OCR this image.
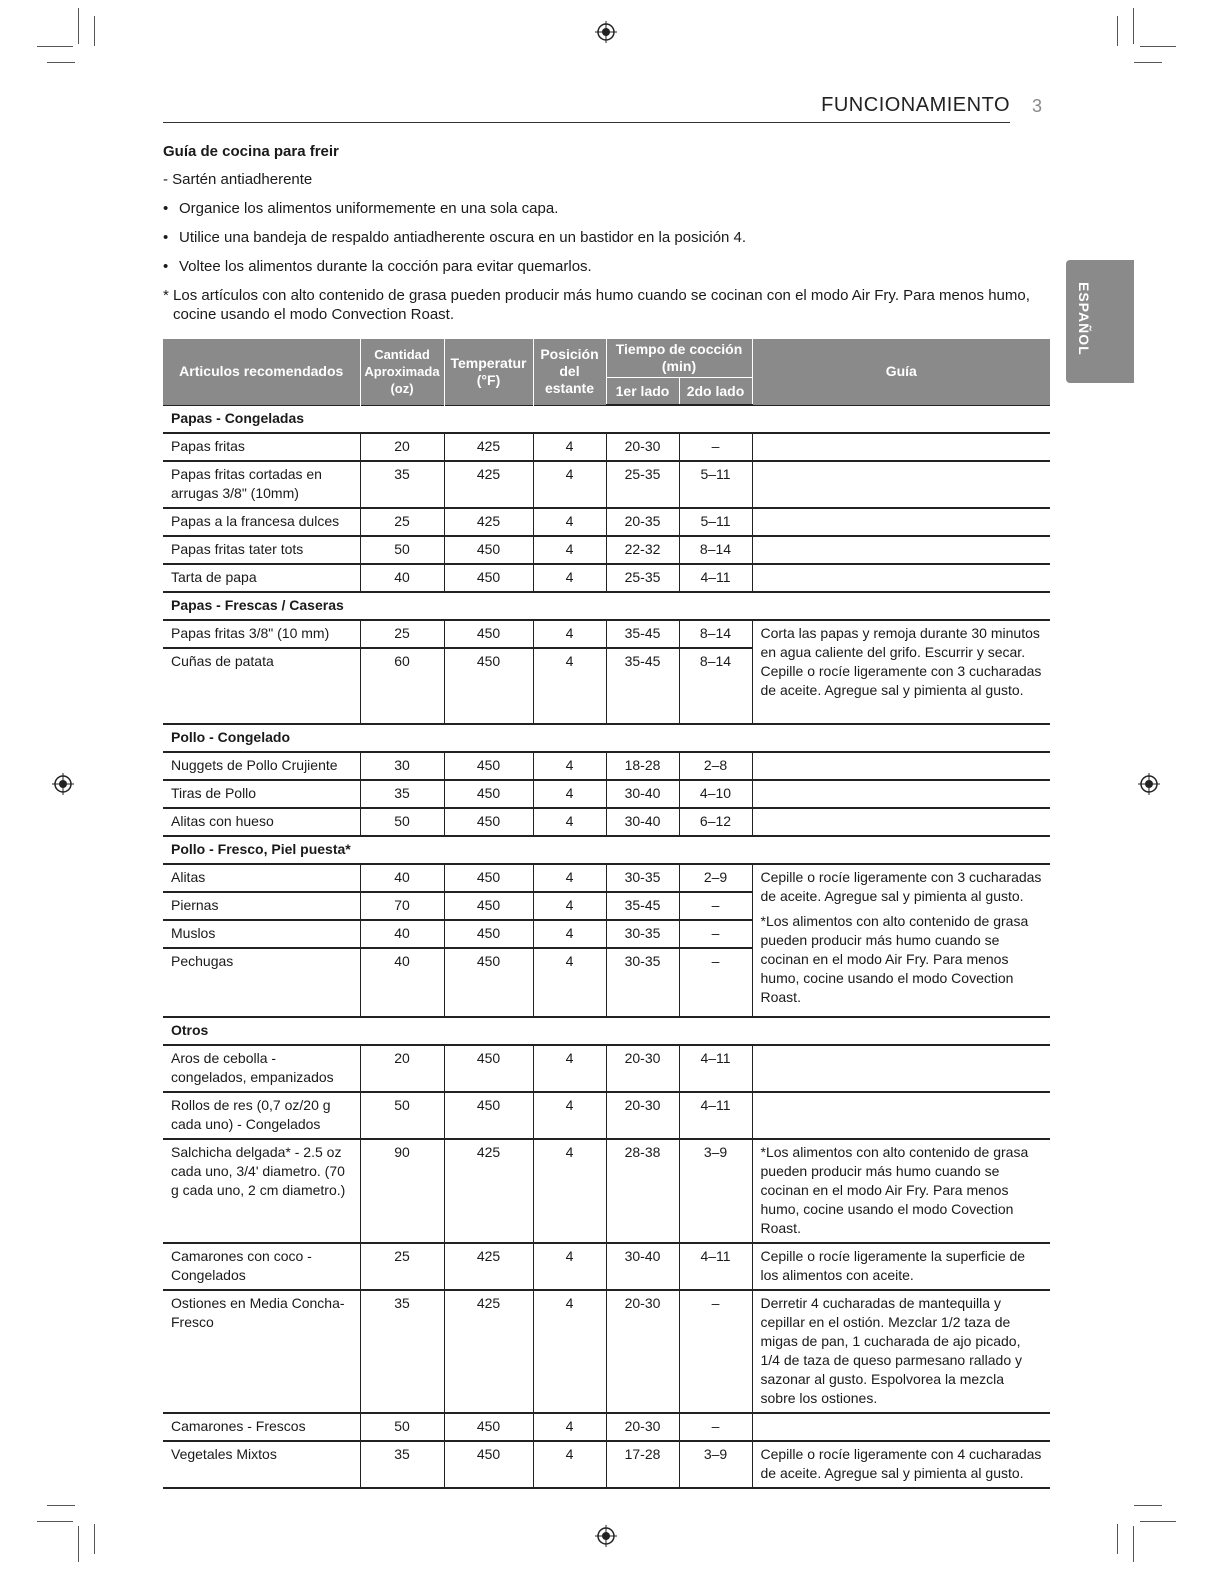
FUNCIONAMIENTO 3
ESPAÑOL
Guía de cocina para freir
- Sartén antiadherente
• Organice los alimentos uniformemente en una sola capa.
• Utilice una bandeja de respaldo antiadherente oscura en un bastidor en la posición 4.
• Voltee los alimentos durante la cocción para evitar quemarlos.
* Los artículos con alto contenido de grasa pueden producir más humo cuando se cocinan con el modo Air Fry. Para menos humo, cocine usando el modo Convection Roast.
Articulos recomendados	Cantidad Aproximada (oz)	Temperatur (°F)	Posición del estante	Tiempo de cocción (min)		Guía
				1er lado	2do lado	
Papas - Congeladas						
Papas fritas	20	425	4	20-30	–	
Papas fritas cortadas en arrugas 3/8" (10mm)	35	425	4	25-35	5–11	
Papas a la francesa dulces	25	425	4	20-35	5–11	
Papas fritas tater tots	50	450	4	22-32	8–14	
Tarta de papa	40	450	4	25-35	4–11	
Papas - Frescas / Caseras						
Papas fritas 3/8" (10 mm)	25	450	4	35-45	8–14	Corta las papas y remoja durante 30 minutos en agua caliente del grifo. Escurrir y secar. Cepille o rocíe ligeramente con 3 cucharadas de aceite. Agregue sal y pimienta al gusto.

Cuñas de patata	60	450	4	35-45	8–14	
Pollo - Congelado						
Nuggets de Pollo Crujiente	30	450	4	18-28	2–8	
Tiras de Pollo	35	450	4	30-40	4–10	
Alitas con hueso	50	450	4	30-40	6–12	
Pollo - Fresco, Piel puesta*						
Alitas	40	450	4	30-35	2–9	Cepille o rocíe ligeramente con 3 cucharadas de aceite. Agregue sal y pimienta al gusto.

*Los alimentos con alto contenido de grasa pueden producir más humo cuando se cocinan en el modo Air Fry. Para menos humo, cocine usando el modo Covection Roast.

Piernas	70	450	4	35-45	–	
Muslos	40	450	4	30-35	–	
Pechugas	40	450	4	30-35	–	
Otros						
Aros de cebolla - congelados, empanizados	20	450	4	20-30	4–11	
Rollos de res (0,7 oz/20 g cada uno) - Congelados	50	450	4	20-30	4–11	
Salchicha delgada* - 2.5 oz cada uno, 3/4' diametro. (70 g cada uno, 2 cm diametro.)	90	425	4	28-38	3–9	*Los alimentos con alto contenido de grasa pueden producir más humo cuando se cocinan en el modo Air Fry. Para menos humo, cocine usando el modo Covection Roast.

Camarones con coco - Congelados	25	425	4	30-40	4–11	Cepille o rocíe ligeramente la superficie de los alimentos con aceite.

Ostiones en Media Concha- Fresco	35	425	4	20-30	–	Derretir 4 cucharadas de mantequilla y cepillar en el ostión. Mezclar 1/2 taza de migas de pan, 1 cucharada de ajo picado, 1/4 de taza de queso parmesano rallado y sazonar al gusto. Espolvorea la mezcla sobre los ostiones.

Camarones - Frescos	50	450	4	20-30	–	
Vegetales Mixtos	35	450	4	17-28	3–9	Cepille o rocíe ligeramente con 4 cucharadas de aceite. Agregue sal y pimienta al gusto.
